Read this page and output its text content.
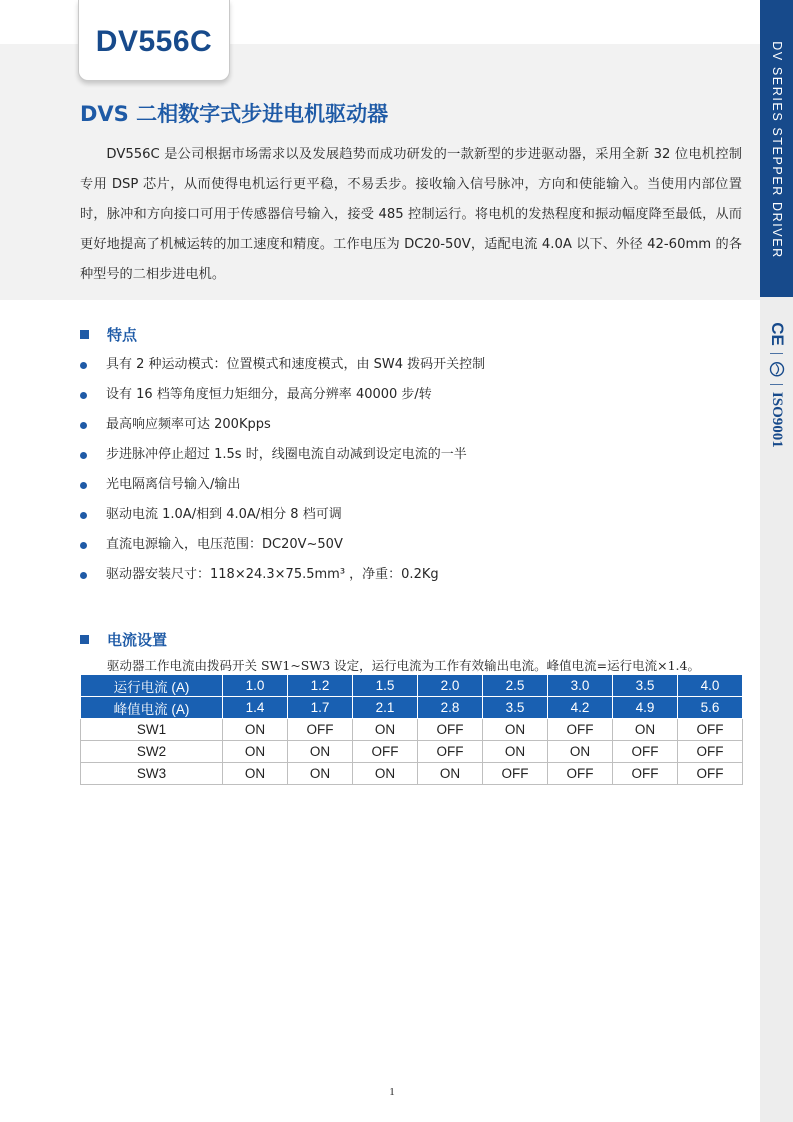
DV556C
DVS 二相数字式步进电机驱动器

DV556C 是公司根据市场需求以及发展趋势而成功研发的一款新型的步进驱动器，采用全新 32 位电机控制专用 DSP 芯片，从而使得电机运行更平稳，不易丢步。接收输入信号脉冲，方向和使能输入。当使用内部位置时，脉冲和方向接口可用于传感器信号输入，接受 485 控制运行。将电机的发热程度和振动幅度降至最低，从而更好地提高了机械运转的加工速度和精度。工作电压为 DC20-50V，适配电流 4.0A 以下、外径 42-60mm 的各种型号的二相步进电机。

DV SERIES STEPPER DRIVER
CE
|
|
ISO9001
特点
具有 2 种运动模式：位置模式和速度模式，由 SW4 拨码开关控制
设有 16 档等角度恒力矩细分，最高分辨率 40000 步/转
最高响应频率可达 200Kpps
步进脉冲停止超过 1.5s 时，线圈电流自动减到设定电流的一半
光电隔离信号输入/输出
驱动电流 1.0A/相到 4.0A/相分 8 档可调
直流电源输入，电压范围：DC20V~50V
驱动器安装尺寸：118×24.3×75.5mm³ ，净重：0.2Kg
电流设置

驱动器工作电流由拨码开关 SW1~SW3 设定，运行电流为工作有效输出电流。峰值电流=运行电流×1.4。

运行电流 (A)	1.0	1.2	1.5	2.0	2.5	3.0	3.5	4.0
峰值电流 (A)	1.4	1.7	2.1	2.8	3.5	4.2	4.9	5.6
SW1	ON	OFF	ON	OFF	ON	OFF	ON	OFF
SW2	ON	ON	OFF	OFF	ON	ON	OFF	OFF
SW3	ON	ON	ON	ON	OFF	OFF	OFF	OFF
1
